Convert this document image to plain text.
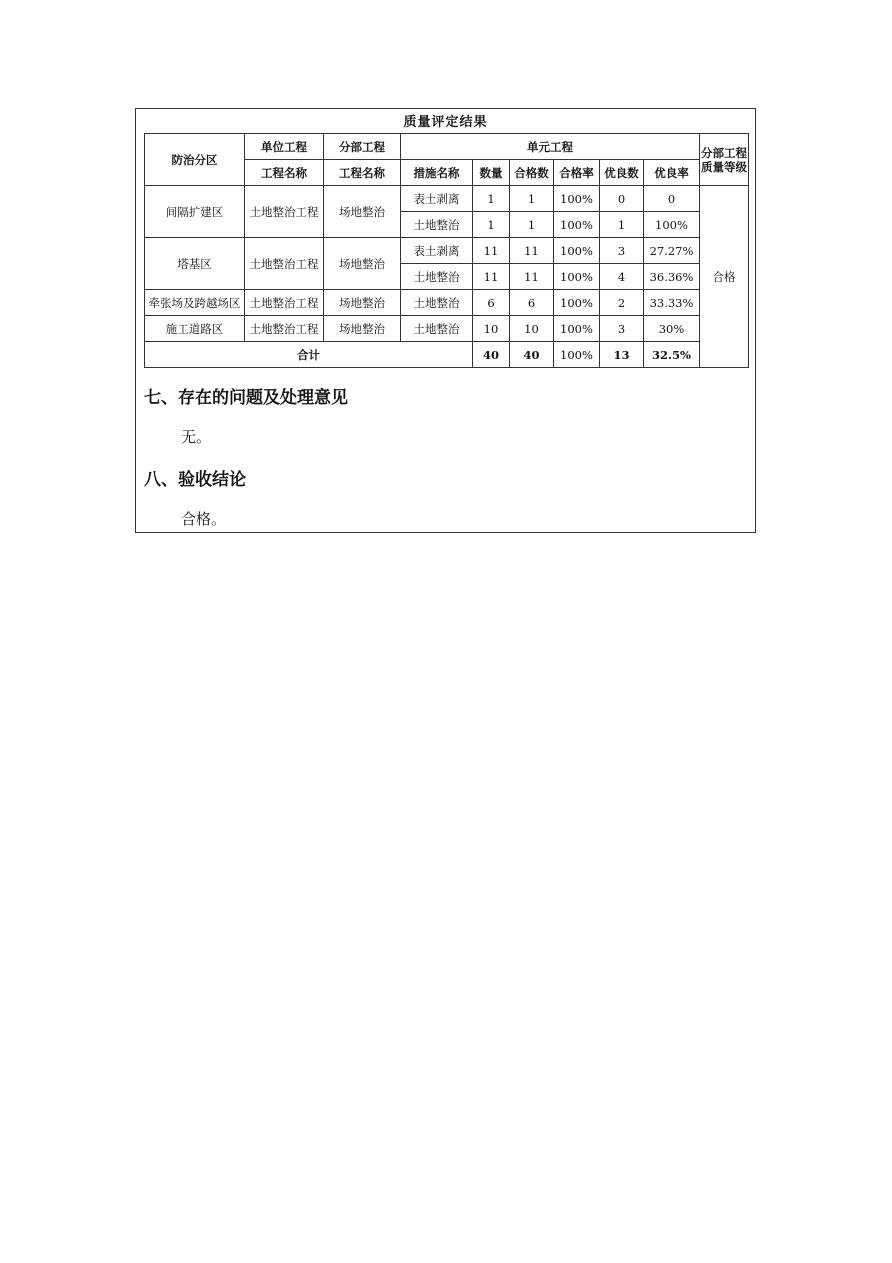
质量评定结果
防治分区	单位工程	分部工程	单元工程						分部工程质量等级
	工程名称	工程名称	措施名称	数量	合格数	合格率	优良数	优良率	
间隔扩建区	土地整治工程	场地整治	表土剥离	1	1	100%	0	0	合格
			土地整治	1	1	100%	1	100%	
塔基区	土地整治工程	场地整治	表土剥离	11	11	100%	3	27.27%	
			土地整治	11	11	100%	4	36.36%	
牵张场及跨越场区	土地整治工程	场地整治	土地整治	6	6	100%	2	33.33%	
施工道路区	土地整治工程	场地整治	土地整治	10	10	100%	3	30%	
合计				40	40	100%	13	32.5%	
七、存在的问题及处理意见
无。
八、验收结论
合格。
